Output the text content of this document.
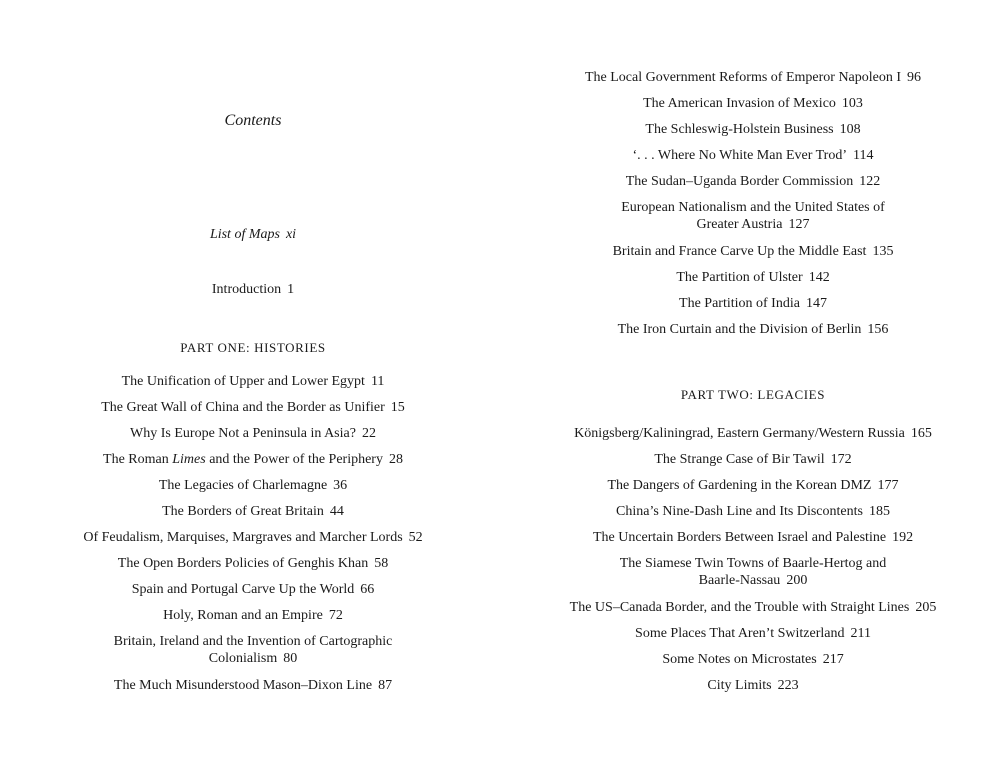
Contents
List of Maps xi
Introduction 1
PART ONE: HISTORIES
The Unification of Upper and Lower Egypt 11
The Great Wall of China and the Border as Unifier 15
Why Is Europe Not a Peninsula in Asia? 22
The Roman Limes and the Power of the Periphery 28
The Legacies of Charlemagne 36
The Borders of Great Britain 44
Of Feudalism, Marquises, Margraves and Marcher Lords 52
The Open Borders Policies of Genghis Khan 58
Spain and Portugal Carve Up the World 66
Holy, Roman and an Empire 72
Britain, Ireland and the Invention of Cartographic
Colonialism 80
The Much Misunderstood Mason–Dixon Line 87
The Local Government Reforms of Emperor Napoleon I 96
The American Invasion of Mexico 103
The Schleswig-Holstein Business 108
‘. . . Where No White Man Ever Trod’ 114
The Sudan–Uganda Border Commission 122
European Nationalism and the United States of
Greater Austria 127
Britain and France Carve Up the Middle East 135
The Partition of Ulster 142
The Partition of India 147
The Iron Curtain and the Division of Berlin 156
PART TWO: LEGACIES
Königsberg/Kaliningrad, Eastern Germany/Western Russia 165
The Strange Case of Bir Tawil 172
The Dangers of Gardening in the Korean DMZ 177
China’s Nine-Dash Line and Its Discontents 185
The Uncertain Borders Between Israel and Palestine 192
The Siamese Twin Towns of Baarle-Hertog and
Baarle-Nassau 200
The US–Canada Border, and the Trouble with Straight Lines 205
Some Places That Aren’t Switzerland 211
Some Notes on Microstates 217
City Limits 223
